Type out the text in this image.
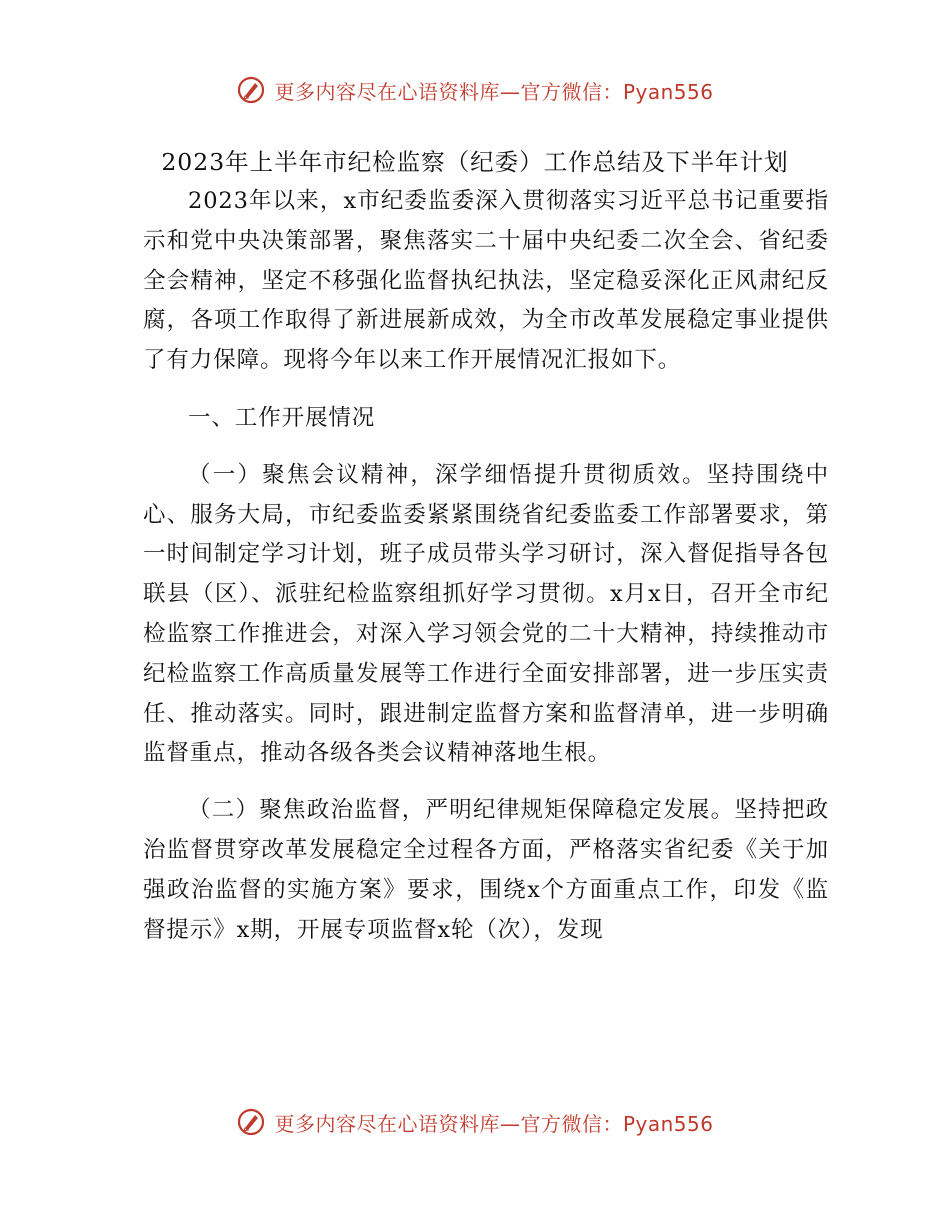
更多内容尽在心语资料库—官方微信：Pyan556
2023年上半年市纪检监察（纪委）工作总结及下半年计划

2023年以来，x市纪委监委深入贯彻落实习近平总书记重要指示和党中央决策部署，聚焦落实二十届中央纪委二次全会、省纪委全会精神，坚定不移强化监督执纪执法，坚定稳妥深化正风肃纪反腐，各项工作取得了新进展新成效，为全市改革发展稳定事业提供了有力保障。现将今年以来工作开展情况汇报如下。

一、工作开展情况

（一）聚焦会议精神，深学细悟提升贯彻质效。坚持围绕中心、服务大局，市纪委监委紧紧围绕省纪委监委工作部署要求，第一时间制定学习计划，班子成员带头学习研讨，深入督促指导各包联县（区）、派驻纪检监察组抓好学习贯彻。x月x日，召开全市纪检监察工作推进会，对深入学习领会党的二十大精神，持续推动市纪检监察工作高质量发展等工作进行全面安排部署，进一步压实责任、推动落实。同时，跟进制定监督方案和监督清单，进一步明确监督重点，推动各级各类会议精神落地生根。

（二）聚焦政治监督，严明纪律规矩保障稳定发展。坚持把政治监督贯穿改革发展稳定全过程各方面，严格落实省纪委《关于加强政治监督的实施方案》要求，围绕x个方面重点工作，印发《监督提示》x期，开展专项监督x轮（次），发现

更多内容尽在心语资料库—官方微信：Pyan556
